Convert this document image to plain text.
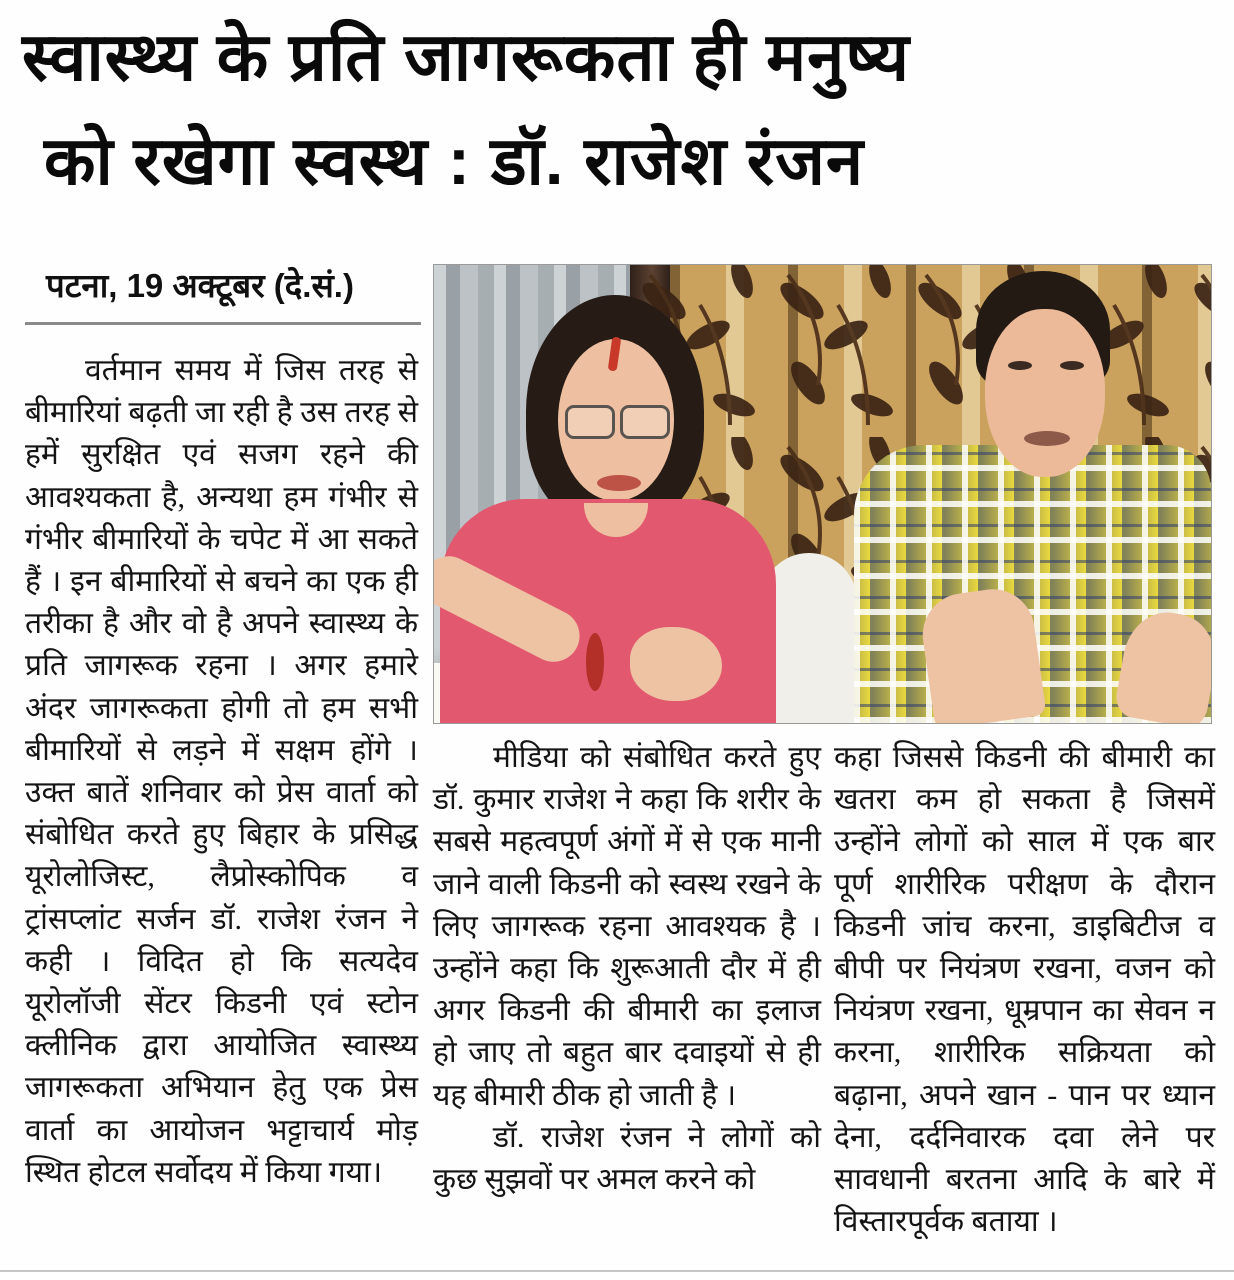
स्वास्थ्य के प्रति जागरूकता ही मनुष्य
को रखेगा स्वस्थ : डॉ. राजेश रंजन
पटना, 19 अक्टूबर (दे.सं.)

वर्तमान समय में जिस तरह से बीमारियां बढ़ती जा रही है उस तरह से हमें सुरक्षित एवं सजग रहने की आवश्यकता है, अन्यथा हम गंभीर से गंभीर बीमारियों के चपेट में आ सकते हैं । इन बीमारियों से बचने का एक ही तरीका है और वो है अपने स्वास्थ्य के प्रति जागरूक रहना । अगर हमारे अंदर जागरूकता होगी तो हम सभी बीमारियों से लड़ने में सक्षम होंगे । उक्त बातें शनिवार को प्रेस वार्ता को संबोधित करते हुए बिहार के प्रसिद्ध यूरोलोजिस्ट, लैप्रोस्कोपिक व ट्रांसप्लांट सर्जन डॉ. राजेश रंजन ने कही । विदित हो कि सत्यदेव यूरोलॉजी सेंटर किडनी एवं स्टोन क्लीनिक द्वारा आयोजित स्वास्थ्य जागरूकता अभियान हेतु एक प्रेस वार्ता का आयोजन भट्टाचार्य मोड़ स्थित होटल सर्वोदय में किया गया।

मीडिया को संबोधित करते हुए डॉ. कुमार राजेश ने कहा कि शरीर के सबसे महत्वपूर्ण अंगों में से एक मानी जाने वाली किडनी को स्वस्थ रखने के लिए जागरूक रहना आवश्यक है । उन्होंने कहा कि शुरूआती दौर में ही अगर किडनी की बीमारी का इलाज हो जाए तो बहुत बार दवाइयों से ही यह बीमारी ठीक हो जाती है ।

डॉ. राजेश रंजन ने लोगों को कुछ सुझवों पर अमल करने को

कहा जिससे किडनी की बीमारी का खतरा कम हो सकता है जिसमें उन्होंने लोगों को साल में एक बार पूर्ण शारीरिक परीक्षण के दौरान किडनी जांच करना, डाइबिटीज व बीपी पर नियंत्रण रखना, वजन को नियंत्रण रखना, धूम्रपान का सेवन न करना, शारीरिक सक्रियता को बढ़ाना, अपने खान - पान पर ध्यान देना, दर्दनिवारक दवा लेने पर सावधानी बरतना आदि के बारे में विस्तारपूर्वक बताया ।
